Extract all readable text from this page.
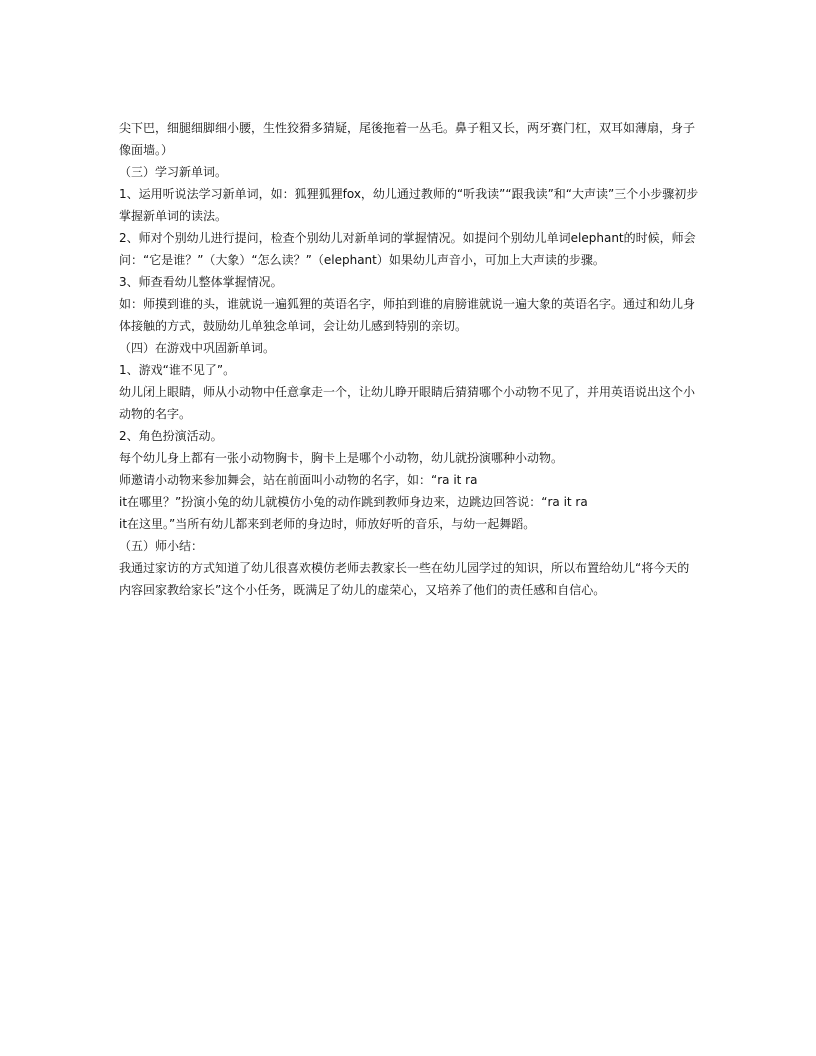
尖下巴，细腿细脚细小腰，生性狡猾多猜疑，尾後拖着一丛毛。鼻子粗又长，两牙赛门杠，双耳如薄扇，身子
像面墙。）
（三）学习新单词。
1、运用听说法学习新单词，如：狐狸狐狸fox，幼儿通过教师的“听我读”“跟我读”和“大声读”三个小步骤初步
掌握新单词的读法。
2、师对个别幼儿进行提问，检查个别幼儿对新单词的掌握情况。如提问个别幼儿单词elephant的时候，师会
问：“它是谁？”（大象）“怎么读？”（elephant）如果幼儿声音小，可加上大声读的步骤。
3、师查看幼儿整体掌握情况。
如：师摸到谁的头，谁就说一遍狐狸的英语名字，师拍到谁的肩膀谁就说一遍大象的英语名字。通过和幼儿身
体接触的方式，鼓励幼儿单独念单词，会让幼儿感到特别的亲切。
（四）在游戏中巩固新单词。
1、游戏“谁不见了”。
幼儿闭上眼睛，师从小动物中任意拿走一个，让幼儿睁开眼睛后猜猜哪个小动物不见了，并用英语说出这个小
动物的名字。
2、角色扮演活动。
每个幼儿身上都有一张小动物胸卡，胸卡上是哪个小动物，幼儿就扮演哪种小动物。
师邀请小动物来参加舞会，站在前面叫小动物的名字，如：“ra it ra
it在哪里？”扮演小兔的幼儿就模仿小兔的动作跳到教师身边来，边跳边回答说：“ra it ra
it在这里。”当所有幼儿都来到老师的身边时，师放好听的音乐，与幼一起舞蹈。
（五）师小结：
我通过家访的方式知道了幼儿很喜欢模仿老师去教家长一些在幼儿园学过的知识，所以布置给幼儿“将今天的
内容回家教给家长”这个小任务，既满足了幼儿的虚荣心，又培养了他们的责任感和自信心。
